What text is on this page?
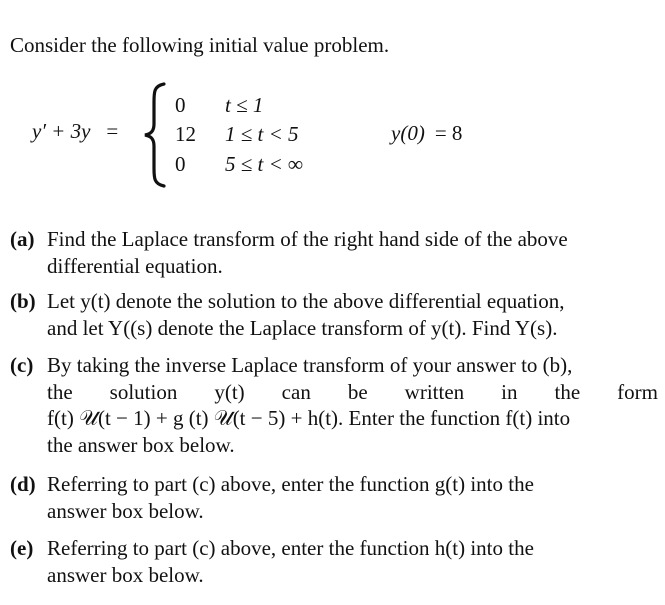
Consider the following initial value problem.
y′ + 3y =
0 t ≤ 1
12 1 ≤ t < 5
0 5 ≤ t < ∞
y(0) = 8
(a) Find the Laplace transform of the right hand side of the above
differential equation.
(b) Let y(t) denote the solution to the above differential equation,
and let Y((s) denote the Laplace transform of y(t). Find Y(s).
(c) By taking the inverse Laplace transform of your answer to (b),
the solution y(t) can be written in the form
f(t) 𝒰(t − 1) + g (t) 𝒰(t − 5) + h(t). Enter the function f(t) into
the answer box below.
(d) Referring to part (c) above, enter the function g(t) into the
answer box below.
(e) Referring to part (c) above, enter the function h(t) into the
answer box below.
